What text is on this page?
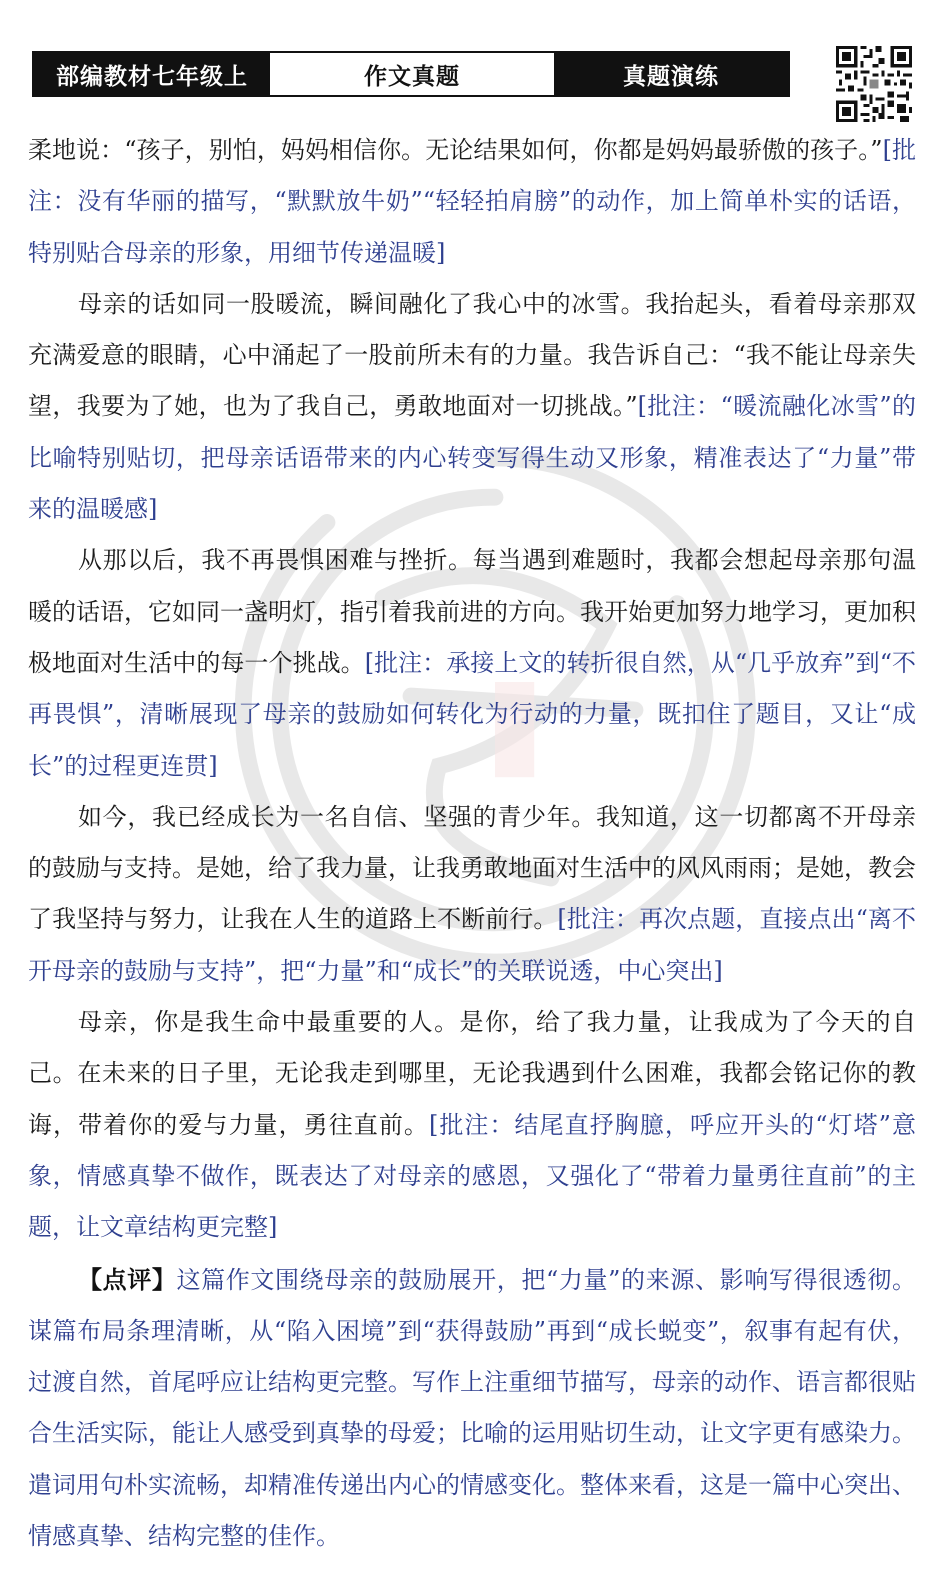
部编教材七年级上	作文真题	真题演练

柔地说：“孩子，别怕，妈妈相信你。无论结果如何，你都是妈妈最骄傲的孩子。”[批注：没有华丽的描写，“默默放牛奶”“轻轻拍肩膀”的动作，加上简单朴实的话语，特别贴合母亲的形象，用细节传递温暖]

母亲的话如同一股暖流，瞬间融化了我心中的冰雪。我抬起头，看着母亲那双充满爱意的眼睛，心中涌起了一股前所未有的力量。我告诉自己：“我不能让母亲失望，我要为了她，也为了我自己，勇敢地面对一切挑战。”[批注：“暖流融化冰雪”的比喻特别贴切，把母亲话语带来的内心转变写得生动又形象，精准表达了“力量”带来的温暖感]

从那以后，我不再畏惧困难与挫折。每当遇到难题时，我都会想起母亲那句温暖的话语，它如同一盏明灯，指引着我前进的方向。我开始更加努力地学习，更加积极地面对生活中的每一个挑战。[批注：承接上文的转折很自然，从“几乎放弃”到“不再畏惧”，清晰展现了母亲的鼓励如何转化为行动的力量，既扣住了题目，又让“成长”的过程更连贯]

如今，我已经成长为一名自信、坚强的青少年。我知道，这一切都离不开母亲的鼓励与支持。是她，给了我力量，让我勇敢地面对生活中的风风雨雨；是她，教会了我坚持与努力，让我在人生的道路上不断前行。[批注：再次点题，直接点出“离不开母亲的鼓励与支持”，把“力量”和“成长”的关联说透，中心突出]

母亲，你是我生命中最重要的人。是你，给了我力量，让我成为了今天的自己。在未来的日子里，无论我走到哪里，无论我遇到什么困难，我都会铭记你的教诲，带着你的爱与力量，勇往直前。[批注：结尾直抒胸臆，呼应开头的“灯塔”意象，情感真挚不做作，既表达了对母亲的感恩，又强化了“带着力量勇往直前”的主题，让文章结构更完整]

【点评】这篇作文围绕母亲的鼓励展开，把“力量”的来源、影响写得很透彻。谋篇布局条理清晰，从“陷入困境”到“获得鼓励”再到“成长蜕变”，叙事有起有伏，过渡自然，首尾呼应让结构更完整。写作上注重细节描写，母亲的动作、语言都很贴合生活实际，能让人感受到真挚的母爱；比喻的运用贴切生动，让文字更有感染力。遣词用句朴实流畅，却精准传递出内心的情感变化。整体来看，这是一篇中心突出、情感真挚、结构完整的佳作。
